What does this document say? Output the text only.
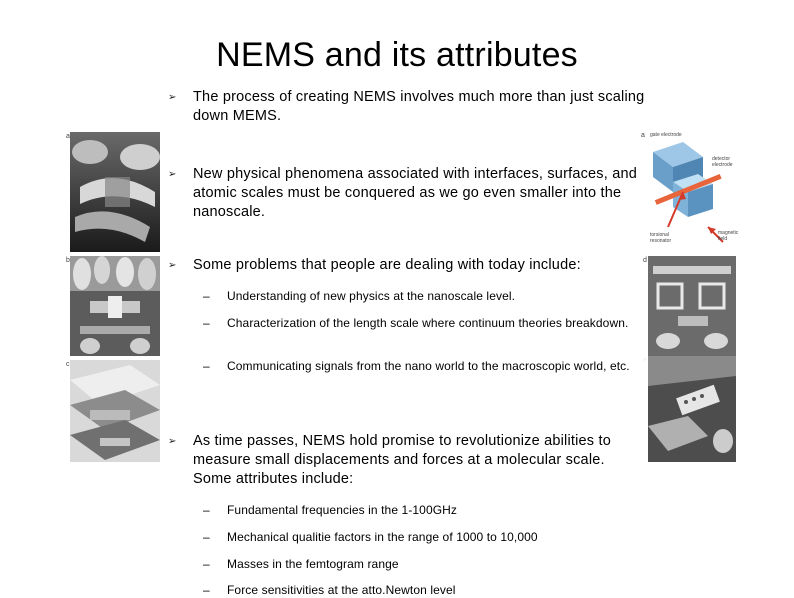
NEMS and its attributes
a
b
c
a gate electrode
detector electrode
torsional resonator
magnetic field
d
e
➢ The process of creating NEMS involves much more than just scaling down MEMS.
➢ New physical phenomena associated with interfaces, surfaces, and atomic scales must be conquered as we go even smaller into the nanoscale.
➢ Some problems that people are dealing with today include:
– Understanding of new physics at the nanoscale level.
– Characterization of the length scale where continuum theories breakdown.
– Communicating signals from the nano world to the macroscopic world, etc.
➢ As time passes, NEMS hold promise to revolutionize abilities to measure small displacements and forces at a molecular scale. Some attributes include:
– Fundamental frequencies in the 1-100GHz
– Mechanical qualitie factors in the range of 1000 to 10,000
– Masses in the femtogram range
– Force sensitivities at the atto.Newton level
